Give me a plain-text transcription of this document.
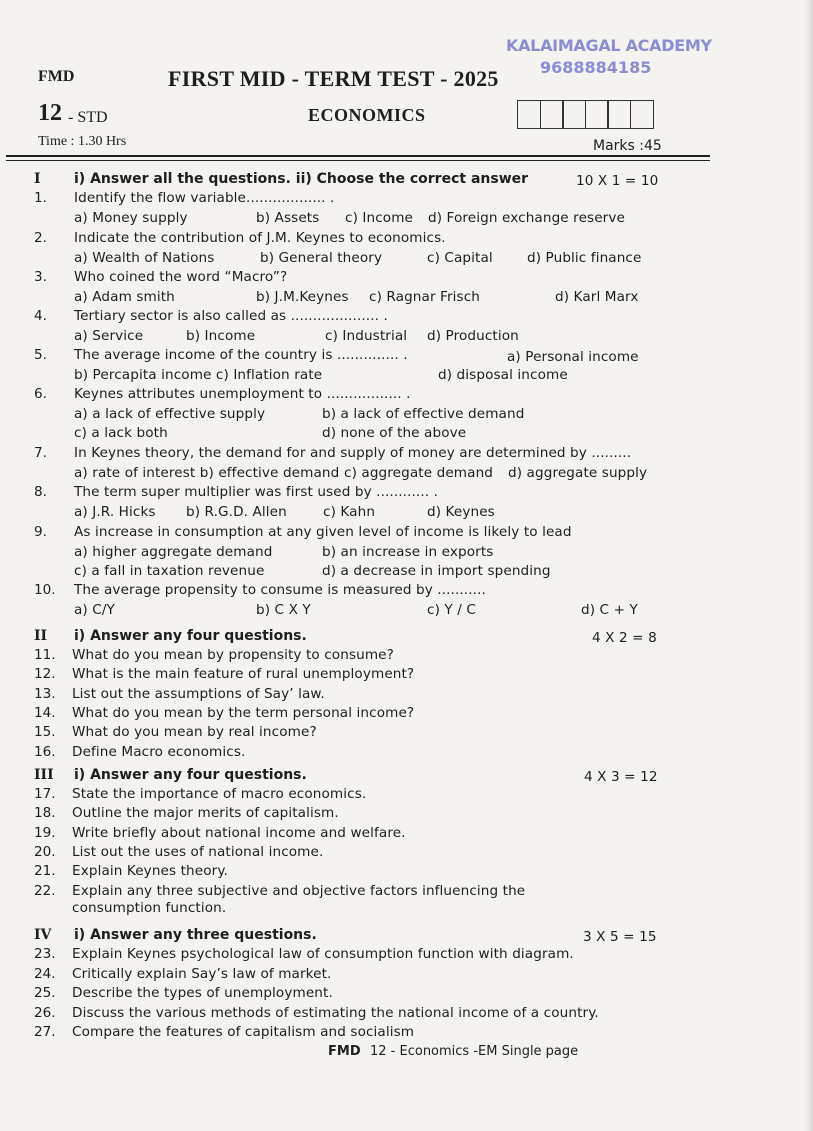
FMD	FIRST MID - TERM TEST - 2025
KALAIMAGAL ACADEMY
9688884185
12 - STD	ECONOMICS
Time : 1.30 Hrs	Marks :45
I i) Answer all the questions. ii) Choose the correct answer	10 X 1 = 10
1. Identify the flow variable.................. .
a) Money supply	b) Assets c) Income d) Foreign exchange reserve
2. Indicate the contribution of J.M. Keynes to economics.
a) Wealth of Nations	b) General theory	c) Capital	d) Public finance
3. Who coined the word “Macro”?
a) Adam smith	b) J.M.Keynes c) Ragnar Frisch	d) Karl Marx
4. Tertiary sector is also called as .................... .
a) Service	b) Income	c) Industrial d) Production
5. The average income of the country is .............. .	a) Personal income
b) Percapita income c) Inflation rate	d) disposal income
6. Keynes attributes unemployment to ................. .
a) a lack of effective supply	b) a lack of effective demand
c) a lack both	d) none of the above
7. In Keynes theory, the demand for and supply of money are determined by .........
a) rate of interest b) effective demand c) aggregate demand d) aggregate supply
8. The term super multiplier was first used by ............ .
a) J.R. Hicks b) R.G.D. Allen	c) Kahn	d) Keynes
9. As increase in consumption at any given level of income is likely to lead
a) higher aggregate demand	b) an increase in exports
c) a fall in taxation revenue	d) a decrease in import spending
10. The average propensity to consume is measured by ...........
a) C/Y	b) C X Y	c) Y / C	d) C + Y
II i) Answer any four questions.	4 X 2 = 8
11. What do you mean by propensity to consume?
12. What is the main feature of rural unemployment?
13. List out the assumptions of Say’ law.
14. What do you mean by the term personal income?
15. What do you mean by real income?
16. Define Macro economics.
III i) Answer any four questions.	4 X 3 = 12
17. State the importance of macro economics.
18. Outline the major merits of capitalism.
19. Write briefly about national income and welfare.
20. List out the uses of national income.
21. Explain Keynes theory.
22. Explain any three subjective and objective factors influencing the
consumption function.
IV i) Answer any three questions.	3 X 5 = 15
23. Explain Keynes psychological law of consumption function with diagram.
24. Critically explain Say’s law of market.
25. Describe the types of unemployment.
26. Discuss the various methods of estimating the national income of a country.
27. Compare the features of capitalism and socialism
FMD 12 - Economics -EM Single page
